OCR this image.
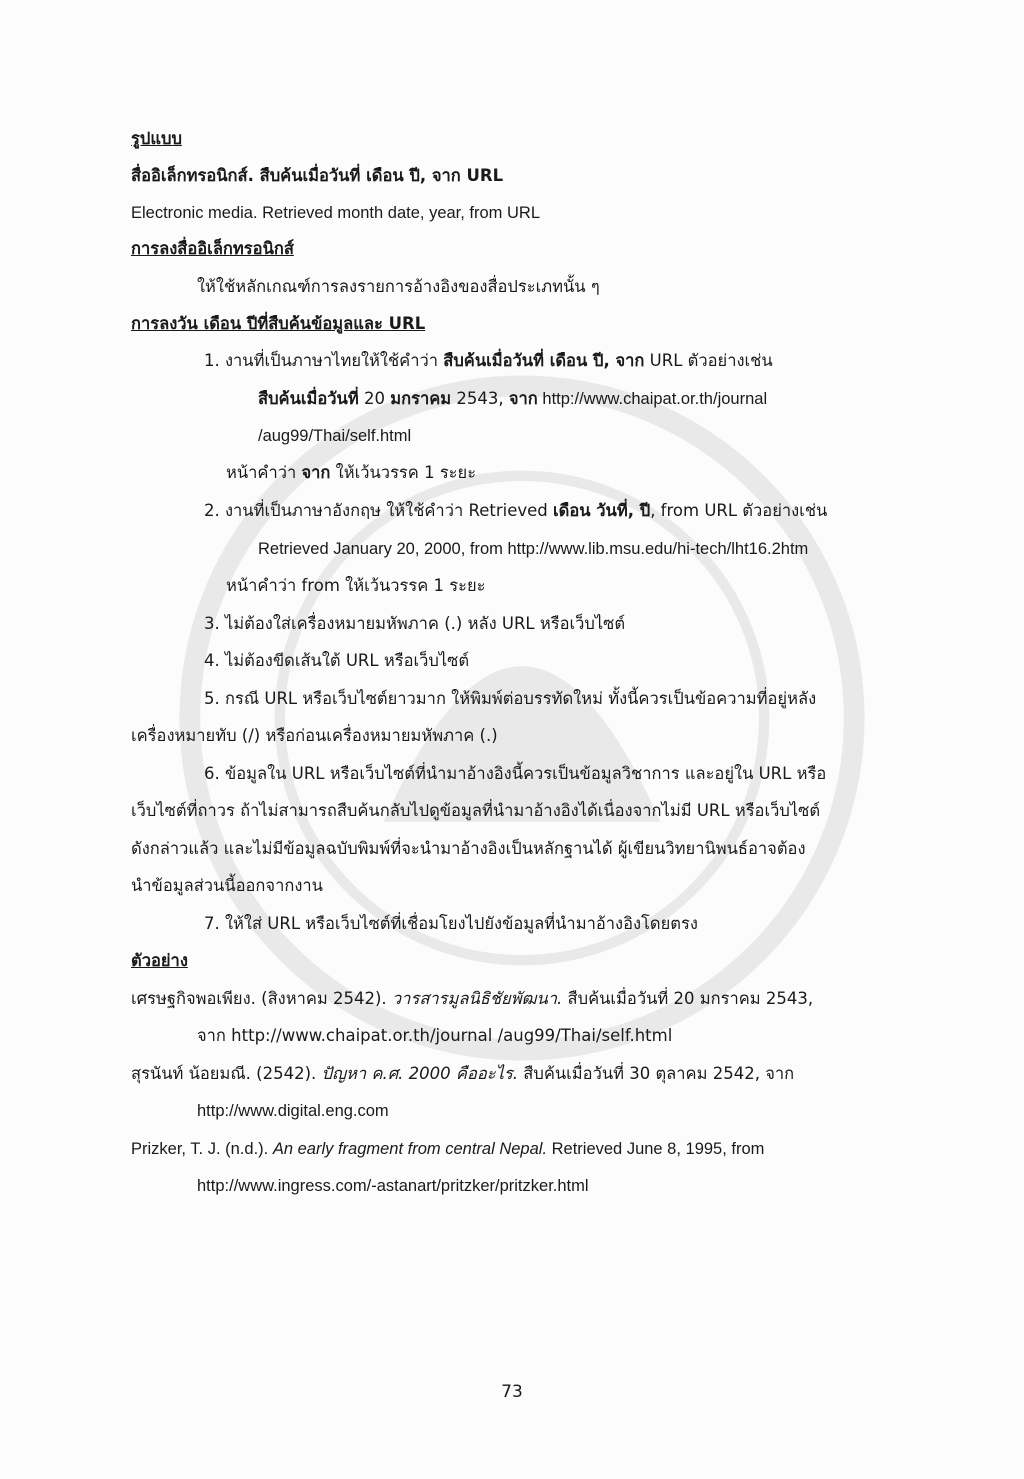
รูปแบบ
สื่ออิเล็กทรอนิกส์. สืบค้นเมื่อวันที่ เดือน ปี, จาก URL
Electronic media. Retrieved month date, year, from URL
การลงสื่ออิเล็กทรอนิกส์
ให้ใช้หลักเกณฑ์การลงรายการอ้างอิงของสื่อประเภทนั้น ๆ
การลงวัน เดือน ปีที่สืบค้นข้อมูลและ URL
1. งานที่เป็นภาษาไทยให้ใช้คำว่า สืบค้นเมื่อวันที่ เดือน ปี, จาก URL ตัวอย่างเช่น
สืบค้นเมื่อวันที่ 20 มกราคม 2543, จาก http://www.chaipat.or.th/journal
/aug99/Thai/self.html
หน้าคำว่า จาก ให้เว้นวรรค 1 ระยะ
2. งานที่เป็นภาษาอังกฤษ ให้ใช้คำว่า Retrieved เดือน วันที่, ปี, from URL ตัวอย่างเช่น
Retrieved January 20, 2000, from http://www.lib.msu.edu/hi-tech/lht16.2htm
หน้าคำว่า from ให้เว้นวรรค 1 ระยะ
3. ไม่ต้องใส่เครื่องหมายมหัพภาค (.) หลัง URL หรือเว็บไซต์
4. ไม่ต้องขีดเส้นใต้ URL หรือเว็บไซต์
5. กรณี URL หรือเว็บไซต์ยาวมาก ให้พิมพ์ต่อบรรทัดใหม่ ทั้งนี้ควรเป็นข้อความที่อยู่หลัง
เครื่องหมายทับ (/) หรือก่อนเครื่องหมายมหัพภาค (.)
6. ข้อมูลใน URL หรือเว็บไซต์ที่นำมาอ้างอิงนี้ควรเป็นข้อมูลวิชาการ และอยู่ใน URL หรือ
เว็บไซต์ที่ถาวร ถ้าไม่สามารถสืบค้นกลับไปดูข้อมูลที่นำมาอ้างอิงได้เนื่องจากไม่มี URL หรือเว็บไซต์
ดังกล่าวแล้ว และไม่มีข้อมูลฉบับพิมพ์ที่จะนำมาอ้างอิงเป็นหลักฐานได้ ผู้เขียนวิทยานิพนธ์อาจต้อง
นำข้อมูลส่วนนี้ออกจากงาน
7. ให้ใส่ URL หรือเว็บไซต์ที่เชื่อมโยงไปยังข้อมูลที่นำมาอ้างอิงโดยตรง
ตัวอย่าง
เศรษฐกิจพอเพียง. (สิงหาคม 2542). วารสารมูลนิธิชัยพัฒนา. สืบค้นเมื่อวันที่ 20 มกราคม 2543,
จาก http://www.chaipat.or.th/journal /aug99/Thai/self.html
สุรนันท์ น้อยมณี. (2542). ปัญหา ค.ศ. 2000 คืออะไร. สืบค้นเมื่อวันที่ 30 ตุลาคม 2542, จาก
http://www.digital.eng.com
Prizker, T. J. (n.d.). An early fragment from central Nepal. Retrieved June 8, 1995, from
http://www.ingress.com/-astanart/pritzker/pritzker.html
73
